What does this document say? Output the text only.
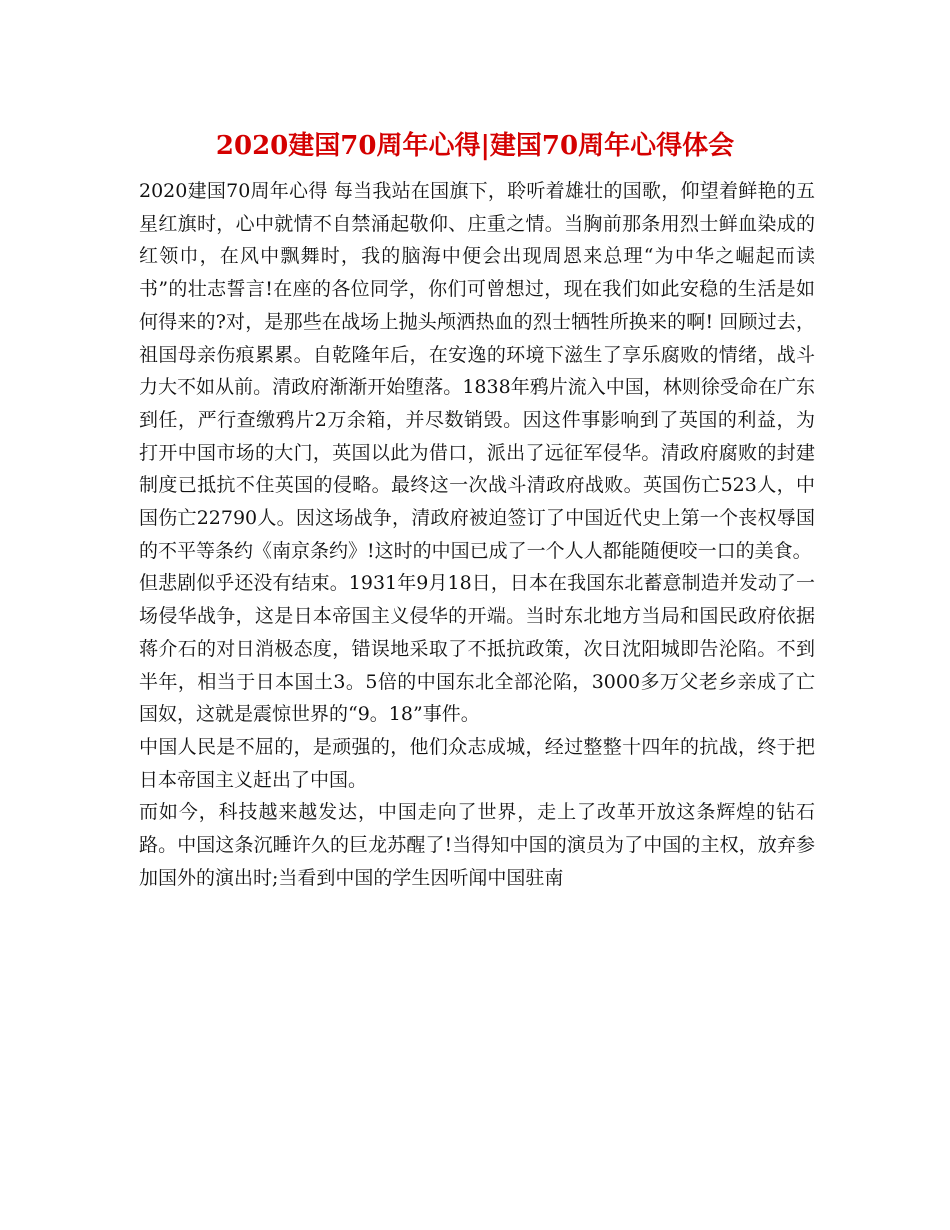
2020建国70周年心得|建国70周年心得体会

2020建国70周年心得 每当我站在国旗下，聆听着雄壮的国歌，仰望着鲜艳的五星红旗时，心中就情不自禁涌起敬仰、庄重之情。当胸前那条用烈士鲜血染成的红领巾，在风中飘舞时，我的脑海中便会出现周恩来总理“为中华之崛起而读书”的壮志誓言!在座的各位同学，你们可曾想过，现在我们如此安稳的生活是如何得来的?对，是那些在战场上抛头颅洒热血的烈士牺牲所换来的啊! 回顾过去，祖国母亲伤痕累累。自乾隆年后，在安逸的环境下滋生了享乐腐败的情绪，战斗力大不如从前。清政府渐渐开始堕落。1838年鸦片流入中国，林则徐受命在广东到任，严行查缴鸦片2万余箱，并尽数销毁。因这件事影响到了英国的利益，为打开中国市场的大门，英国以此为借口，派出了远征军侵华。清政府腐败的封建制度已抵抗不住英国的侵略。最终这一次战斗清政府战败。英国伤亡523人，中国伤亡22790人。因这场战争，清政府被迫签订了中国近代史上第一个丧权辱国的不平等条约《南京条约》!这时的中国已成了一个人人都能随便咬一口的美食。

但悲剧似乎还没有结束。1931年9月18日，日本在我国东北蓄意制造并发动了一场侵华战争，这是日本帝国主义侵华的开端。当时东北地方当局和国民政府依据蒋介石的对日消极态度，错误地采取了不抵抗政策，次日沈阳城即告沦陷。不到半年，相当于日本国土3。5倍的中国东北全部沦陷，3000多万父老乡亲成了亡国奴，这就是震惊世界的“9。18”事件。

中国人民是不屈的，是顽强的，他们众志成城，经过整整十四年的抗战，终于把日本帝国主义赶出了中国。

而如今，科技越来越发达，中国走向了世界，走上了改革开放这条辉煌的钻石路。中国这条沉睡许久的巨龙苏醒了!当得知中国的演员为了中国的主权，放弃参加国外的演出时;当看到中国的学生因听闻中国驻南
